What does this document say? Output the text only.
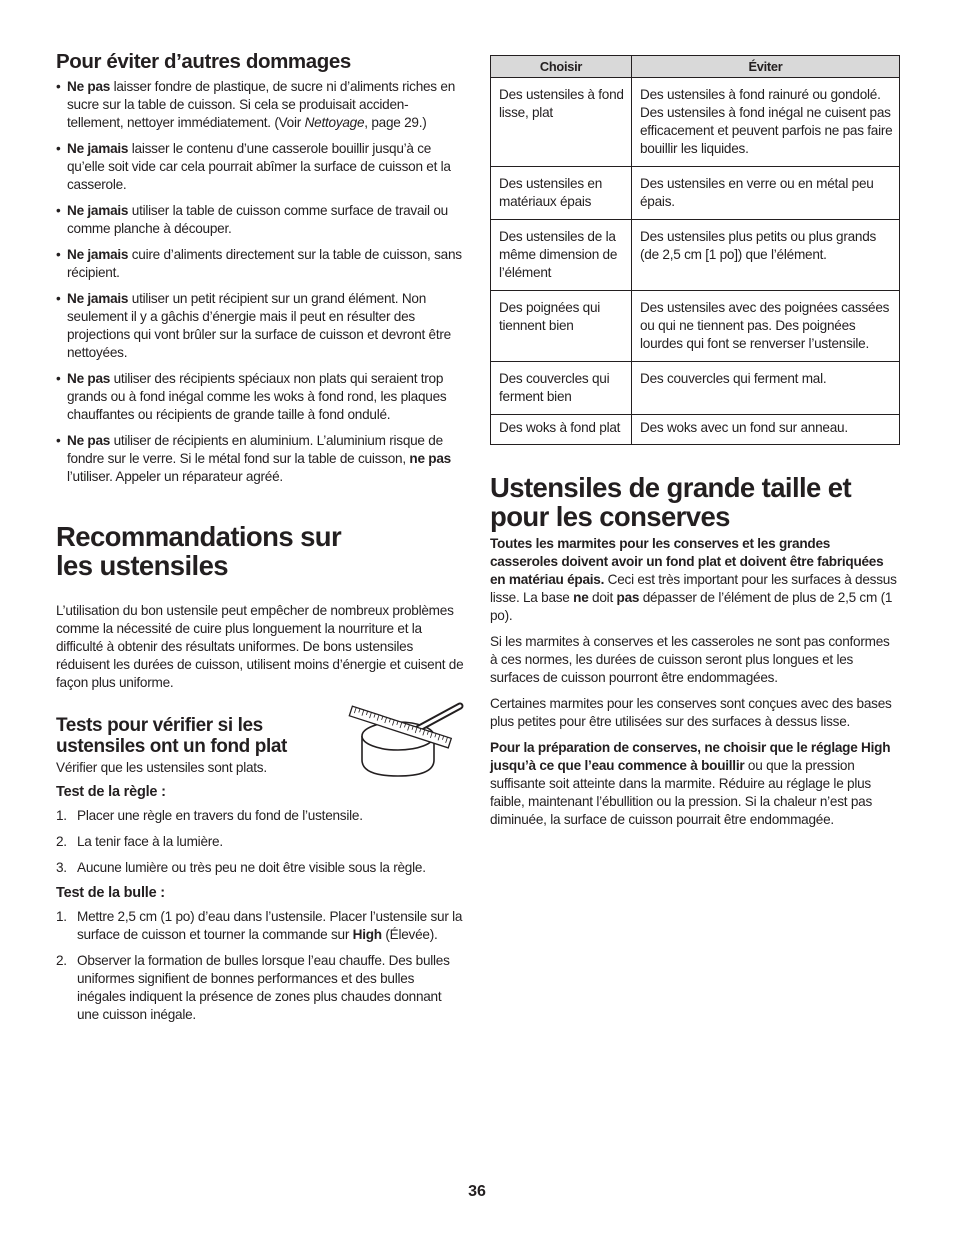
Pour éviter d’autres dommages
• Ne pas laisser fondre de plastique, de sucre ni d’aliments riches en sucre sur la table de cuisson. Si cela se produisait acciden-tellement, nettoyer immédiatement. (Voir Nettoyage, page 29.)
• Ne jamais laisser le contenu d’une casserole bouillir jusqu’à ce qu’elle soit vide car cela pourrait abîmer la surface de cuisson et la casserole.
• Ne jamais utiliser la table de cuisson comme surface de travail ou comme planche à découper.
• Ne jamais cuire d’aliments directement sur la table de cuisson, sans récipient.
• Ne jamais utiliser un petit récipient sur un grand élément. Non seulement il y a gâchis d’énergie mais il peut en résulter des projections qui vont brûler sur la surface de cuisson et devront être nettoyées.
• Ne pas utiliser des récipients spéciaux non plats qui seraient trop grands ou à fond inégal comme les woks à fond rond, les plaques chauffantes ou récipients de grande taille à fond ondulé.
• Ne pas utiliser de récipients en aluminium. L’aluminium risque de fondre sur le verre. Si le métal fond sur la table de cuisson, ne pas l’utiliser. Appeler un réparateur agréé.
Recommandations sur
les ustensiles

L’utilisation du bon ustensile peut empêcher de nombreux problèmes comme la nécessité de cuire plus longuement la nourriture et la difficulté à obtenir des résultats uniformes. De bons ustensiles réduisent les durées de cuisson, utilisent moins d’énergie et cuisent de façon plus uniforme.

Tests pour vérifier si les
ustensiles ont un fond plat

Vérifier que les ustensiles sont plats.

Test de la règle :

1. Placer une règle en travers du fond de l’ustensile.
2. La tenir face à la lumière.
3. Aucune lumière ou très peu ne doit être visible sous la règle.

Test de la bulle :

1. Mettre 2,5 cm (1 po) d’eau dans l’ustensile. Placer l’ustensile sur la surface de cuisson et tourner la commande sur High (Élevée).
2. Observer la formation de bulles lorsque l’eau chauffe. Des bulles uniformes signifient de bonnes performances et des bulles inégales indiquent la présence de zones plus chaudes donnant une cuisson inégale.
Choisir	Éviter
Des ustensiles à fond lisse, plat	Des ustensiles à fond rainuré ou gondolé. Des ustensiles à fond inégal ne cuisent pas efficacement et peuvent parfois ne pas faire bouillir les liquides.
Des ustensiles en matériaux épais	Des ustensiles en verre ou en métal peu épais.
Des ustensiles de la même dimension de l’élément	Des ustensiles plus petits ou plus grands (de 2,5 cm [1 po]) que l’élément.
Des poignées qui tiennent bien	Des ustensiles avec des poignées cassées ou qui ne tiennent pas. Des poignées lourdes qui font se renverser l’ustensile.
Des couvercles qui ferment bien	Des couvercles qui ferment mal.
Des woks à fond plat	Des woks avec un fond sur anneau.
Ustensiles de grande taille et
pour les conserves

Toutes les marmites pour les conserves et les grandes casseroles doivent avoir un fond plat et doivent être fabriquées en matériau épais. Ceci est très important pour les surfaces à dessus lisse. La base ne doit pas dépasser de l’élément de plus de 2,5 cm (1 po).

Si les marmites à conserves et les casseroles ne sont pas conformes à ces normes, les durées de cuisson seront plus longues et les surfaces de cuisson pourront être endommagées.

Certaines marmites pour les conserves sont conçues avec des bases plus petites pour être utilisées sur des surfaces à dessus lisse.

Pour la préparation de conserves, ne choisir que le réglage High jusqu’à ce que l’eau commence à bouillir ou que la pression suffisante soit atteinte dans la marmite. Réduire au réglage le plus faible, maintenant l’ébullition ou la pression. Si la chaleur n’est pas diminuée, la surface de cuisson pourrait être endommagée.

36
